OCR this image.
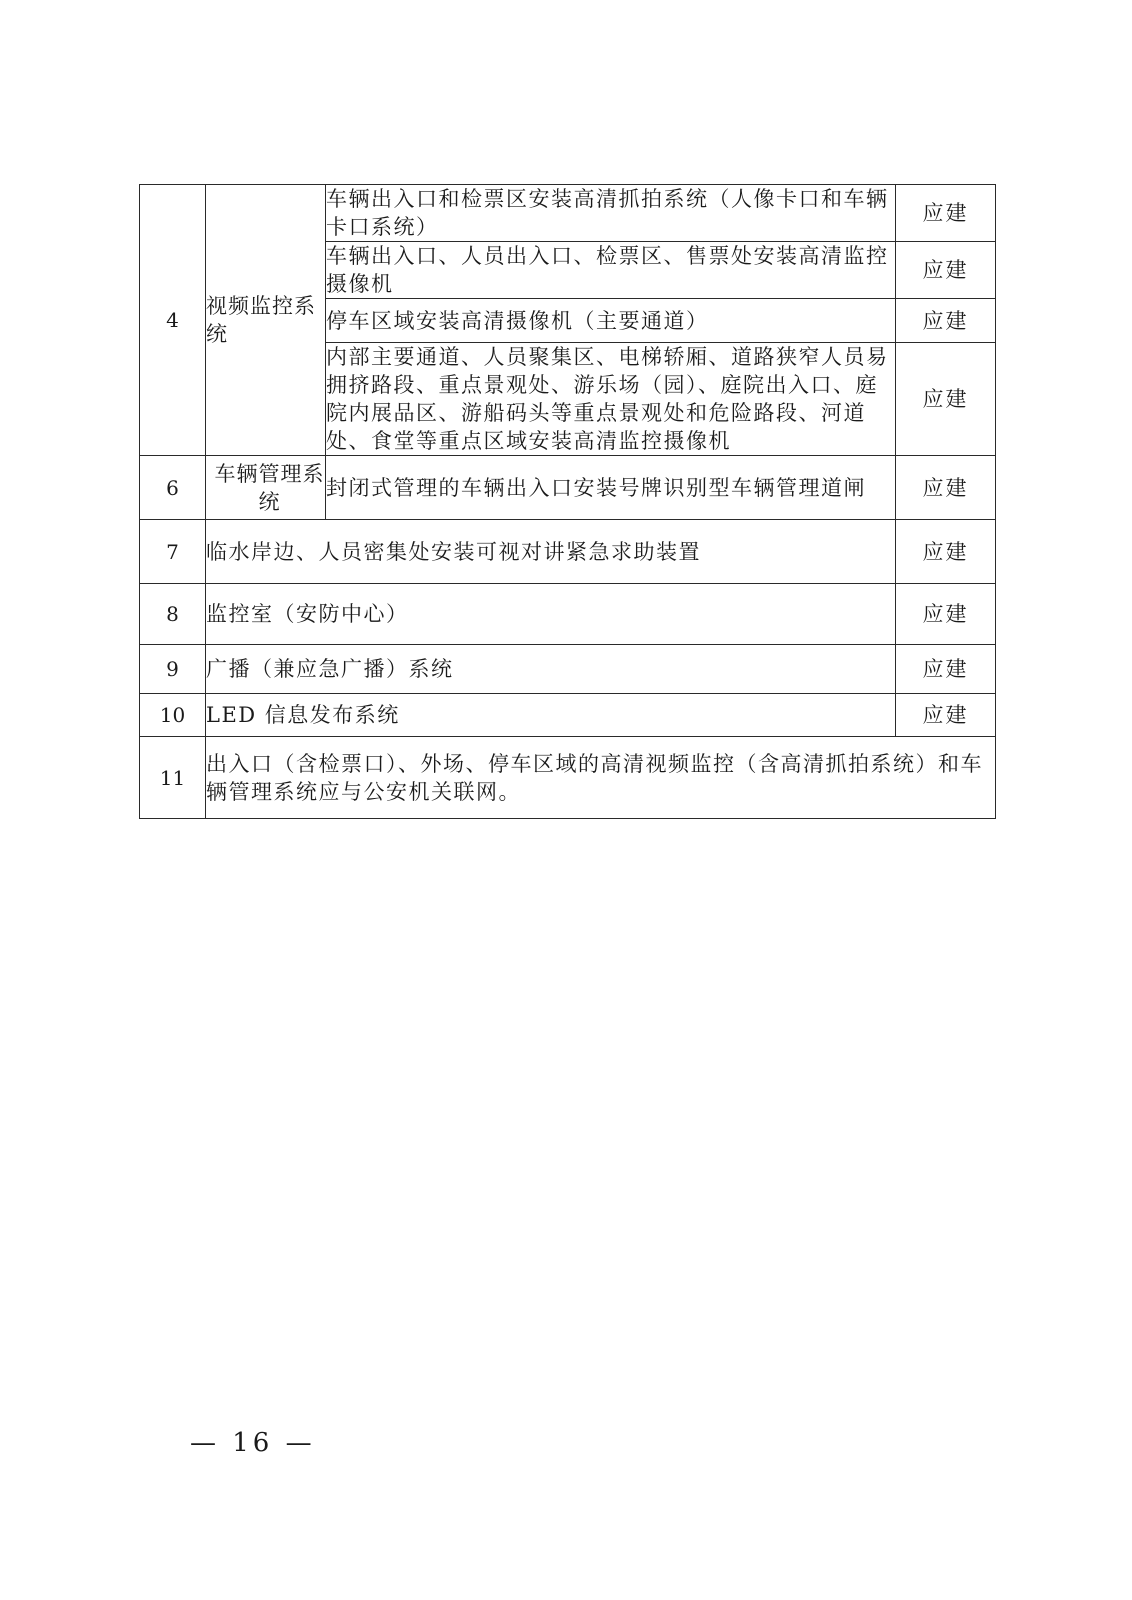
4	视频监控系统	车辆出入口和检票区安装高清抓拍系统（人像卡口和车辆卡口系统）	应建
		车辆出入口、人员出入口、检票区、售票处安装高清监控摄像机	应建
		停车区域安装高清摄像机（主要通道）	应建
		内部主要通道、人员聚集区、电梯轿厢、道路狭窄人员易拥挤路段、重点景观处、游乐场（园）、庭院出入口、庭院内展品区、游船码头等重点景观处和危险路段、河道处、食堂等重点区域安装高清监控摄像机	应建
6	车辆管理系统	封闭式管理的车辆出入口安装号牌识别型车辆管理道闸	应建
7	临水岸边、人员密集处安装可视对讲紧急求助装置		应建
8	监控室（安防中心）		应建
9	广播（兼应急广播）系统		应建
10	LED 信息发布系统		应建
11	出入口（含检票口）、外场、停车区域的高清视频监控（含高清抓拍系统）和车辆管理系统应与公安机关联网。		
— 16 —
